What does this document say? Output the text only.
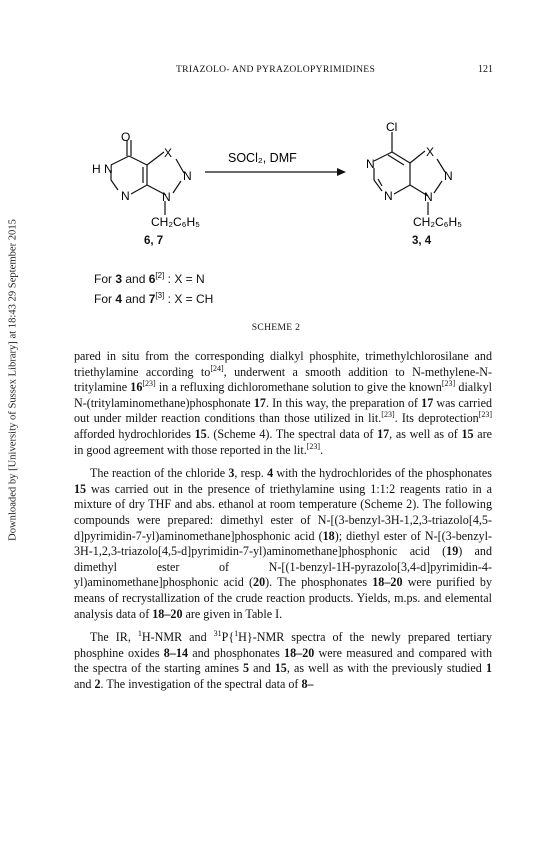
Downloaded by [University of Sussex Library] at 18:43 29 September 2015
TRIAZOLO- AND PYRAZOLOPYRIMIDINES	121
O
H N
N
X
N
N
CH₂C₆H₅
SOCl₂, DMF
Cl
N
N
X
N
N
CH₂C₆H₅
6, 7	3, 4
For 3 and 6[2] : X = N
For 4 and 7[3] : X = CH
SCHEME 2

pared in situ from the corresponding dialkyl phosphite, trimethylchlorosilane and triethylamine according to[24], underwent a smooth addition to N-methylene-N-tritylamine 16[23] in a refluxing dichloromethane solution to give the known[23] dialkyl N-(tritylaminomethane)phosphonate 17. In this way, the preparation of 17 was carried out under milder reaction conditions than those utilized in lit.[23]. Its deprotection[23] afforded hydrochlorides 15. (Scheme 4). The spectral data of 17, as well as of 15 are in good agreement with those reported in the lit.[23].

The reaction of the chloride 3, resp. 4 with the hydrochlorides of the phosphonates 15 was carried out in the presence of triethylamine using 1:1:2 reagents ratio in a mixture of dry THF and abs. ethanol at room temperature (Scheme 2). The following compounds were prepared: dimethyl ester of N-[(3-benzyl-3H-1,2,3-triazolo[4,5-d]pyrimidin-7-yl)aminomethane]phosphonic acid (18); diethyl ester of N-[(3-benzyl-3H-1,2,3-triazolo[4,5-d]pyrimidin-7-yl)aminomethane]phosphonic acid (19) and dimethyl ester of N-[(1-benzyl-1H-pyrazolo[3,4-d]pyrimidin-4-yl)aminomethane]phosphonic acid (20). The phosphonates 18–20 were purified by means of recrystallization of the crude reaction products. Yields, m.ps. and elemental analysis data of 18–20 are given in Table I.

The IR, $^1$H-NMR and $^{31}$P{$^1$H}-NMR spectra of the newly prepared tertiary phosphine oxides 8–14 and phosphonates 18–20 were measured and compared with the spectra of the starting amines 5 and 15, as well as with the previously studied 1 and 2. The investigation of the spectral data of 8–
